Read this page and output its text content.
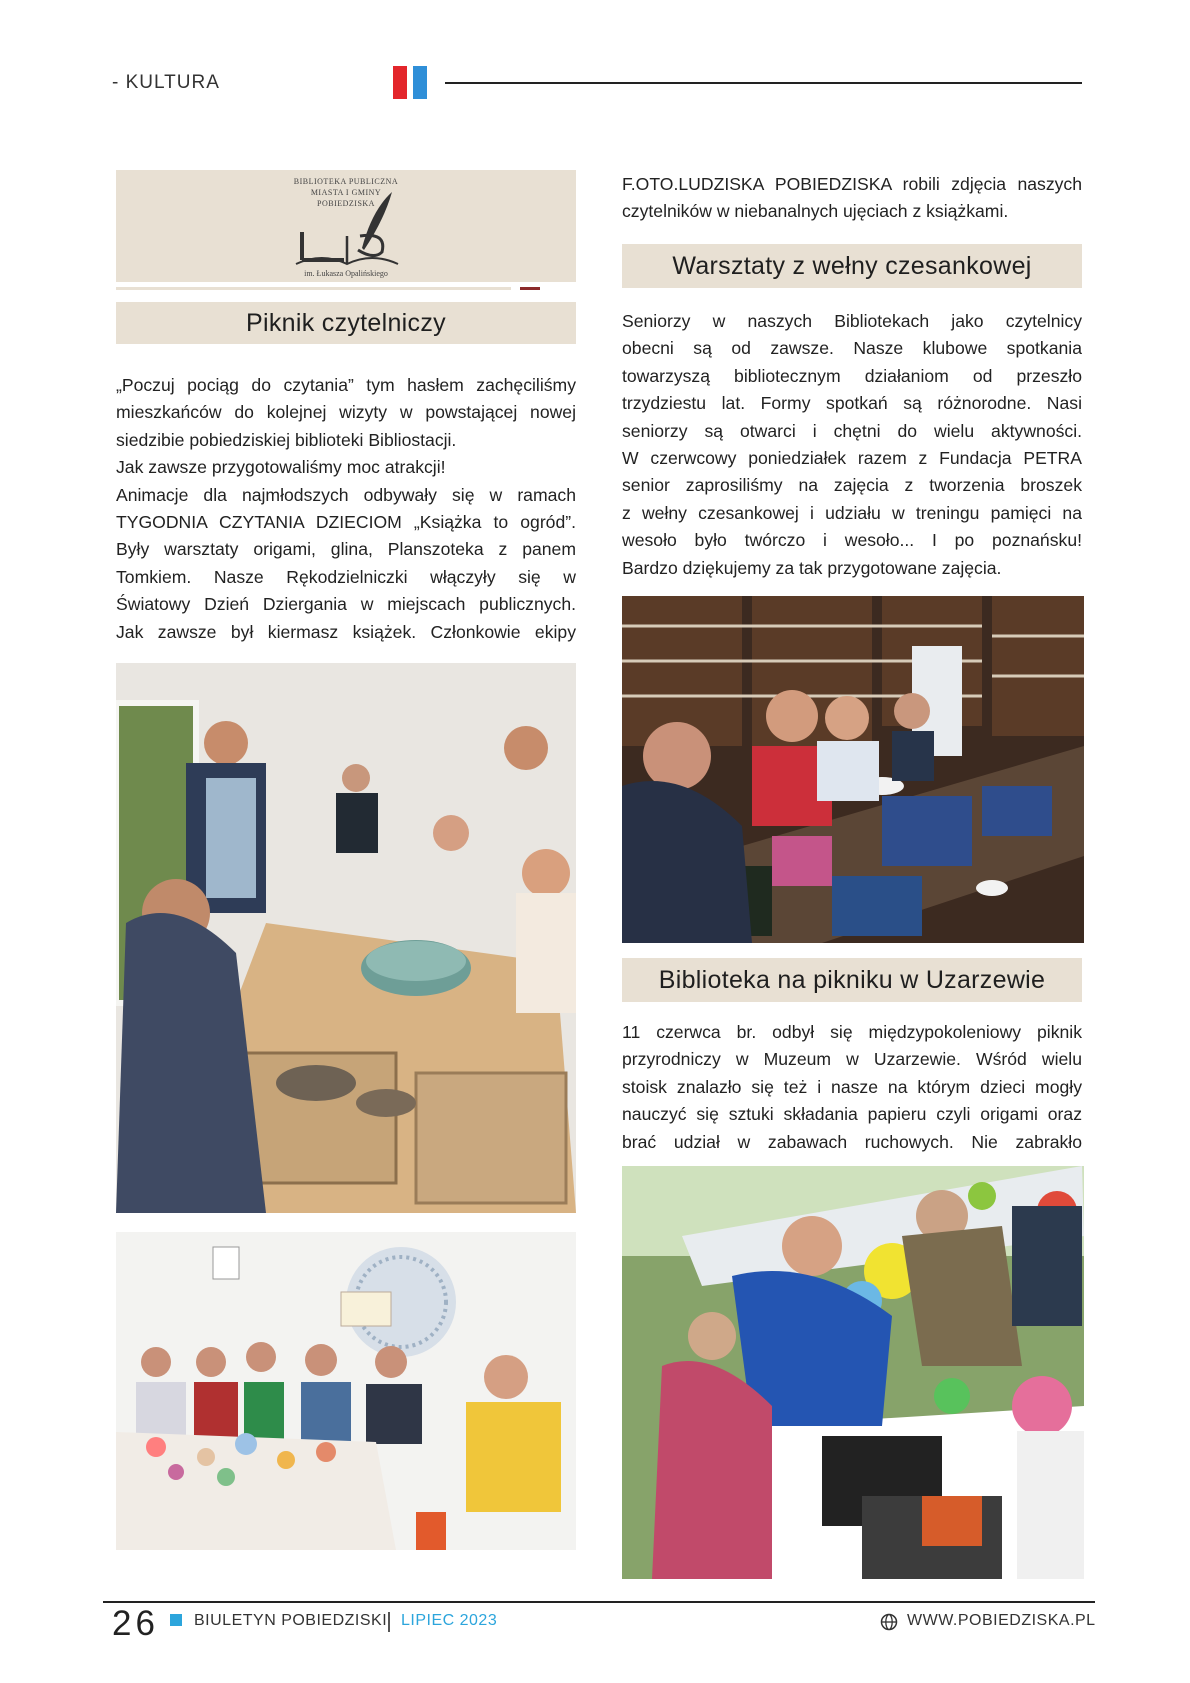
- KULTURA
BIBLIOTEKA PUBLICZNA
MIASTA I GMINY
POBIEDZISKA
im. Łukasza Opalińskiego
Piknik czytelniczy
„Poczuj pociąg do czytania” tym hasłem zachęciliśmy
mieszkańców do kolejnej wizyty w powstającej nowej
siedzibie pobiedziskiej biblioteki Bibliostacji.
Jak zawsze przygotowaliśmy moc atrakcji!
Animacje dla najmłodszych odbywały się w ramach
TYGODNIA CZYTANIA DZIECIOM „Książka to ogród”.
Były warsztaty origami, glina, Planszoteka z panem
Tomkiem. Nasze Rękodzielniczki włączyły się w
Światowy Dzień Dziergania w miejscach publicznych.
Jak zawsze był kiermasz książek. Członkowie ekipy
F.OTO.LUDZISKA POBIEDZISKA robili zdjęcia naszych
czytelników w niebanalnych ujęciach z książkami.
Warsztaty z wełny czesankowej
Seniorzy w naszych Bibliotekach jako czytelnicy
obecni są od zawsze. Nasze klubowe spotkania
towarzyszą bibliotecznym działaniom od przeszło
trzydziestu lat. Formy spotkań są różnorodne. Nasi
seniorzy są otwarci i chętni do wielu aktywności.
W czerwcowy poniedziałek razem z Fundacja PETRA
senior zaprosiliśmy na zajęcia z tworzenia broszek
z wełny czesankowej i udziału w treningu pamięci na
wesoło było twórczo i wesoło... I po poznańsku!
Bardzo dziękujemy za tak przygotowane zajęcia.
Biblioteka na pikniku w Uzarzewie
11 czerwca br. odbył się międzypokoleniowy piknik
przyrodniczy w Muzeum w Uzarzewie. Wśród wielu
stoisk znalazło się też i nasze na którym dzieci mogły
nauczyć się sztuki składania papieru czyli origami oraz
brać udział w zabawach ruchowych. Nie zabrakło
26 BIULETYN POBIEDZISKI LIPIEC 2023	WWW.POBIEDZISKA.PL
